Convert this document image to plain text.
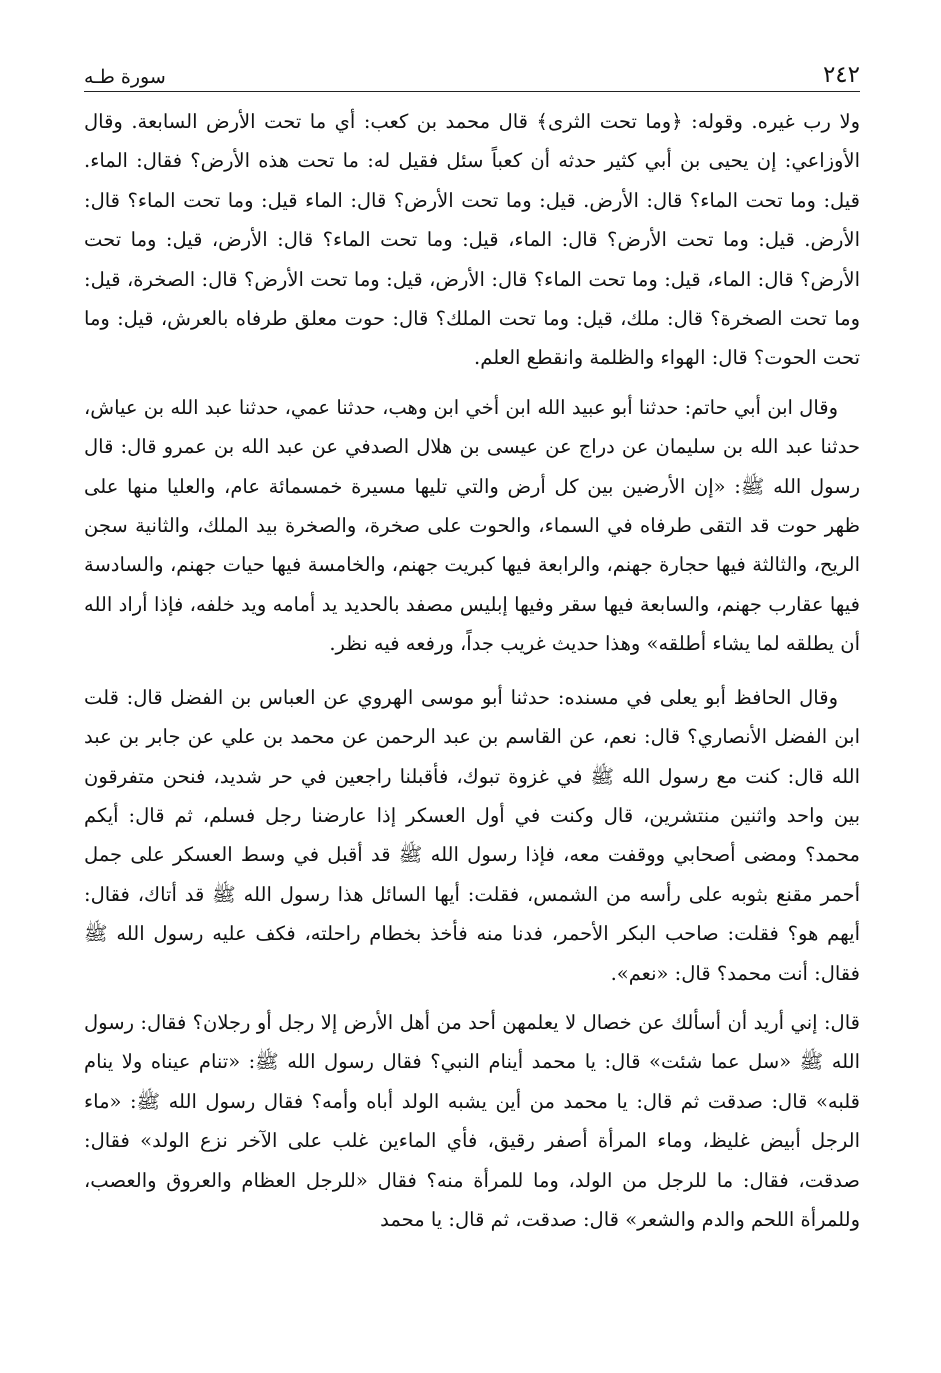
٢٤٢
سورة طـه

ولا رب غيره. وقوله: ﴿وما تحت الثرى﴾ قال محمد بن كعب: أي ما تحت الأرض السابعة. وقال الأوزاعي: إن يحيى بن أبي كثير حدثه أن كعباً سئل فقيل له: ما تحت هذه الأرض؟ فقال: الماء. قيل: وما تحت الماء؟ قال: الأرض. قيل: وما تحت الأرض؟ قال: الماء قيل: وما تحت الماء؟ قال: الأرض. قيل: وما تحت الأرض؟ قال: الماء، قيل: وما تحت الماء؟ قال: الأرض، قيل: وما تحت الأرض؟ قال: الماء، قيل: وما تحت الماء؟ قال: الأرض، قيل: وما تحت الأرض؟ قال: الصخرة، قيل: وما تحت الصخرة؟ قال: ملك، قيل: وما تحت الملك؟ قال: حوت معلق طرفاه بالعرش، قيل: وما تحت الحوت؟ قال: الهواء والظلمة وانقطع العلم.

وقال ابن أبي حاتم: حدثنا أبو عبيد الله ابن أخي ابن وهب، حدثنا عمي، حدثنا عبد الله بن عياش، حدثنا عبد الله بن سليمان عن دراج عن عيسى بن هلال الصدفي عن عبد الله بن عمرو قال: قال رسول الله ﷺ: «إن الأرضين بين كل أرض والتي تليها مسيرة خمسمائة عام، والعليا منها على ظهر حوت قد التقى طرفاه في السماء، والحوت على صخرة، والصخرة بيد الملك، والثانية سجن الريح، والثالثة فيها حجارة جهنم، والرابعة فيها كبريت جهنم، والخامسة فيها حيات جهنم، والسادسة فيها عقارب جهنم، والسابعة فيها سقر وفيها إبليس مصفد بالحديد يد أمامه ويد خلفه، فإذا أراد الله أن يطلقه لما يشاء أطلقه» وهذا حديث غريب جداً، ورفعه فيه نظر.

وقال الحافظ أبو يعلى في مسنده: حدثنا أبو موسى الهروي عن العباس بن الفضل قال: قلت ابن الفضل الأنصاري؟ قال: نعم، عن القاسم بن عبد الرحمن عن محمد بن علي عن جابر بن عبد الله قال: كنت مع رسول الله ﷺ في غزوة تبوك، فأقبلنا راجعين في حر شديد، فنحن متفرقون بين واحد واثنين منتشرين، قال وكنت في أول العسكر إذا عارضنا رجل فسلم، ثم قال: أيكم محمد؟ ومضى أصحابي ووقفت معه، فإذا رسول الله ﷺ قد أقبل في وسط العسكر على جمل أحمر مقنع بثوبه على رأسه من الشمس، فقلت: أيها السائل هذا رسول الله ﷺ قد أتاك، فقال: أيهم هو؟ فقلت: صاحب البكر الأحمر، فدنا منه فأخذ بخطام راحلته، فكف عليه رسول الله ﷺ فقال: أنت محمد؟ قال: «نعم».

قال: إني أريد أن أسألك عن خصال لا يعلمهن أحد من أهل الأرض إلا رجل أو رجلان؟ فقال: رسول الله ﷺ «سل عما شئت» قال: يا محمد أينام النبي؟ فقال رسول الله ﷺ: «تنام عيناه ولا ينام قلبه» قال: صدقت ثم قال: يا محمد من أين يشبه الولد أباه وأمه؟ فقال رسول الله ﷺ: «ماء الرجل أبيض غليظ، وماء المرأة أصفر رقيق، فأي الماءين غلب على الآخر نزع الولد» فقال: صدقت، فقال: ما للرجل من الولد، وما للمرأة منه؟ فقال «للرجل العظام والعروق والعصب، وللمرأة اللحم والدم والشعر» قال: صدقت، ثم قال: يا محمد
